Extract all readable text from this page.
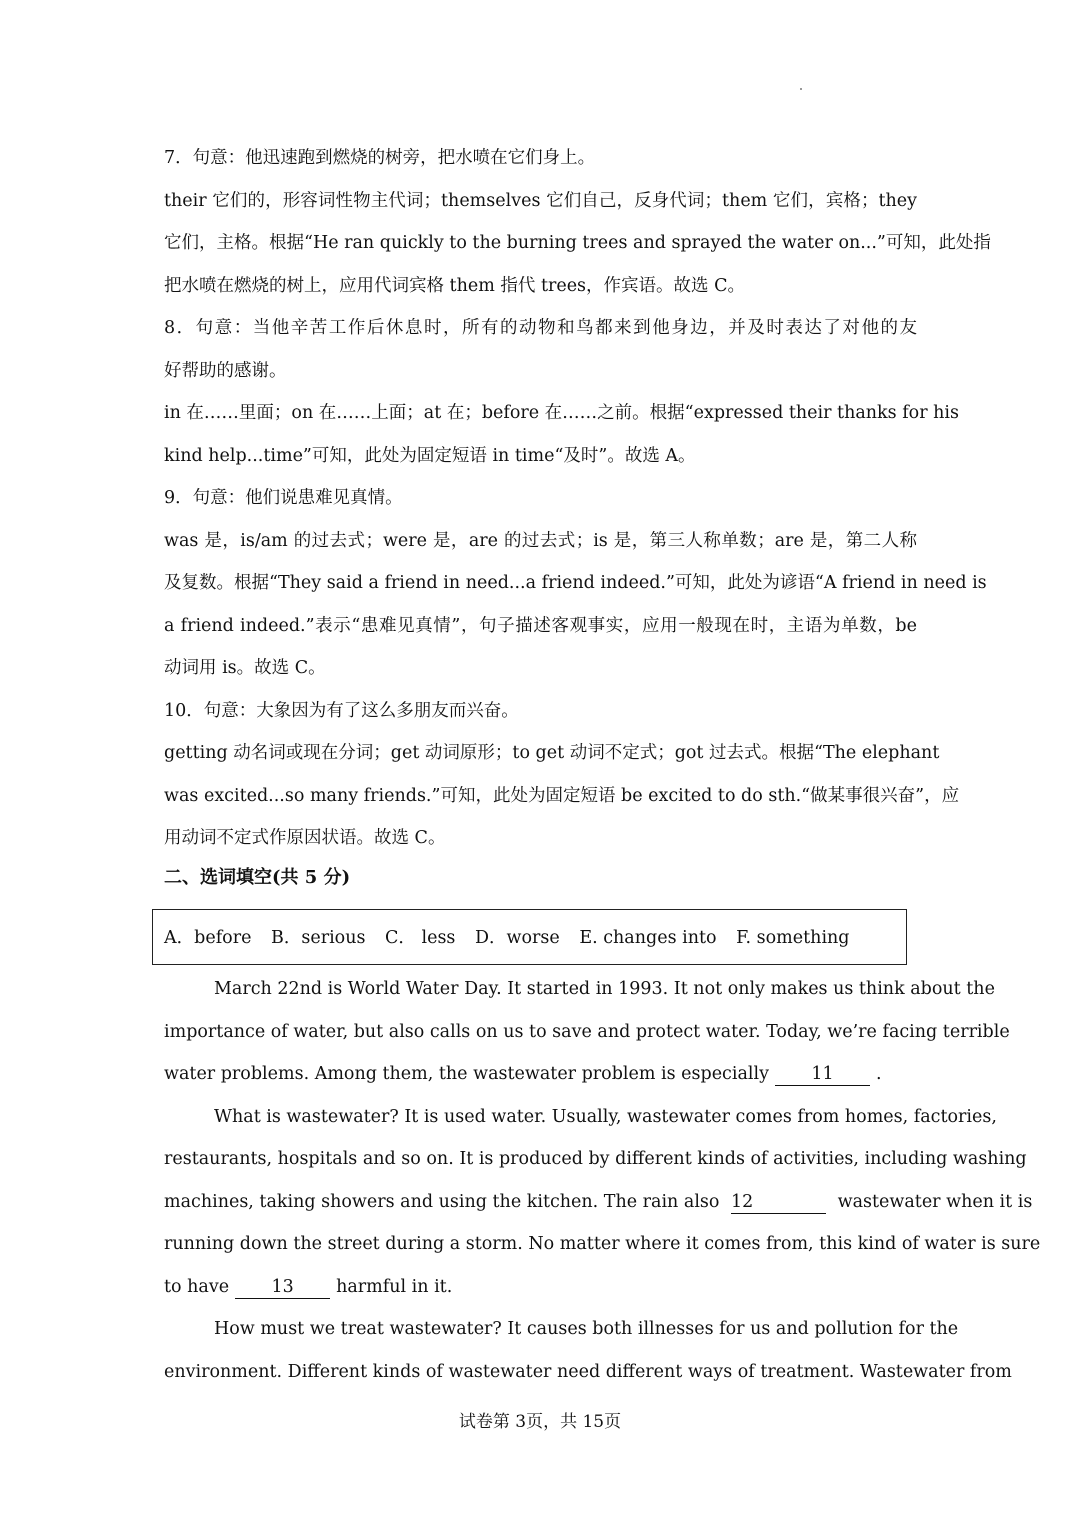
7．句意：他迅速跑到燃烧的树旁，把水喷在它们身上。
their 它们的，形容词性物主代词；themselves 它们自己，反身代词；them 它们，宾格；they
它们，主格。根据“He ran quickly to the burning trees and sprayed the water on...”可知，此处指
把水喷在燃烧的树上，应用代词宾格 them 指代 trees，作宾语。故选 C。
8．句意：当他辛苦工作后休息时，所有的动物和鸟都来到他身边，并及时表达了对他的友
好帮助的感谢。
in 在……里面；on 在……上面；at 在；before 在……之前。根据“expressed their thanks for his
kind help...time”可知，此处为固定短语 in time“及时”。故选 A。
9．句意：他们说患难见真情。
was 是，is/am 的过去式；were 是，are 的过去式；is 是，第三人称单数；are 是，第二人称
及复数。根据“They said a friend in need...a friend indeed.”可知，此处为谚语“A friend in need is
a friend indeed.”表示“患难见真情”，句子描述客观事实，应用一般现在时，主语为单数，be
动词用 is。故选 C。
10．句意：大象因为有了这么多朋友而兴奋。
getting 动名词或现在分词；get 动词原形；to get 动词不定式；got 过去式。根据“The elephant
was excited...so many friends.”可知，此处为固定短语 be excited to do sth.“做某事很兴奋”，应
用动词不定式作原因状语。故选 C。
二、选词填空(共 5 分)
A．before B．serious C． less D．worse E. changes into F. something
March 22nd is World Water Day. It started in 1993. It not only makes us think about the
importance of water, but also calls on us to save and protect water. Today, we’re facing terrible
water problems. Among them, the wastewater problem is especially 11 .
What is wastewater? It is used water. Usually, wastewater comes from homes, factories,
restaurants, hospitals and so on. It is produced by different kinds of activities, including washing
machines, taking showers and using the kitchen. The rain also 12	wastewater when it is
running down the street during a storm. No matter where it comes from, this kind of water is sure
to have 13 harmful in it.
How must we treat wastewater? It causes both illnesses for us and pollution for the
environment. Different kinds of wastewater need different ways of treatment. Wastewater from
试卷第 3页，共 15页
